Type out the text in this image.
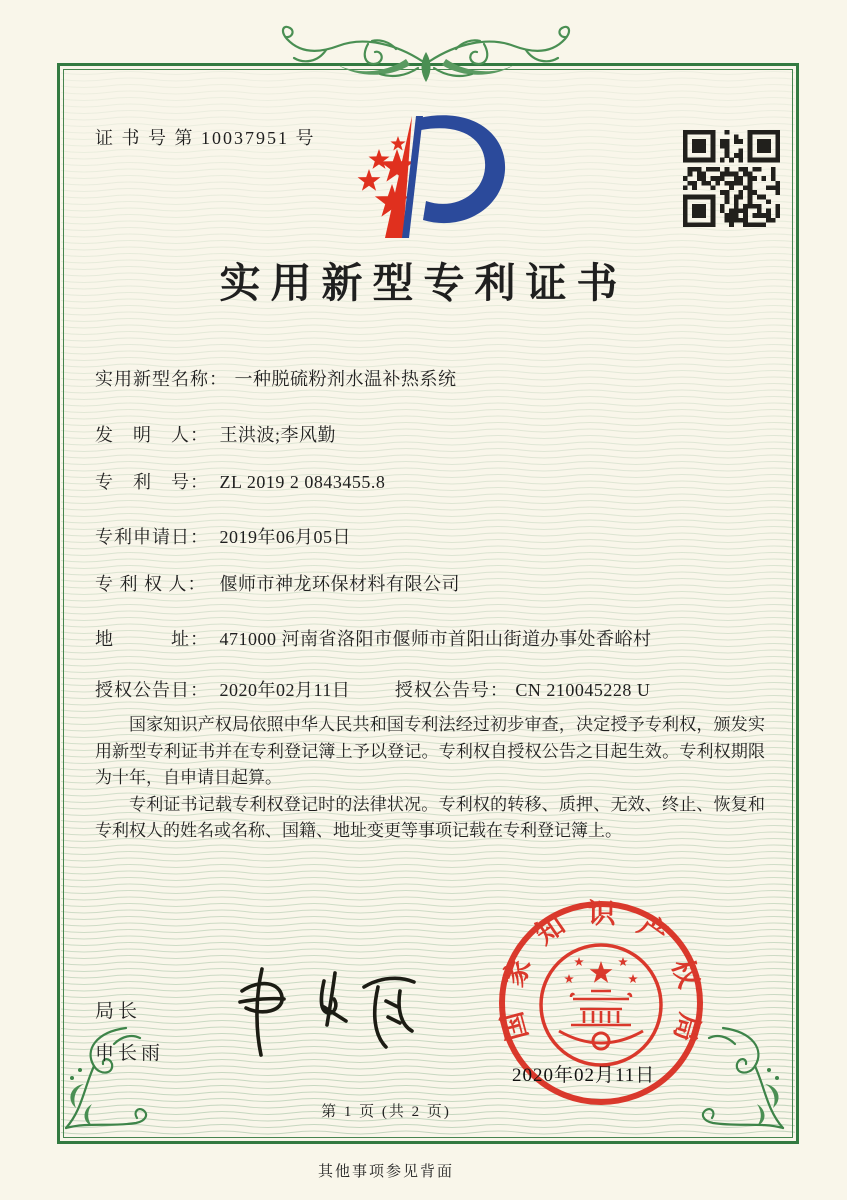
证 书 号 第 10037951 号
实用新型专利证书
实用新型名称： 一种脱硫粉剂水温补热系统
发　明　人： 王洪波;李风勤
专　利　号： ZL 2019 2 0843455.8
专利申请日： 2019年06月05日
专 利 权 人： 偃师市神龙环保材料有限公司
地　　　址： 471000 河南省洛阳市偃师市首阳山街道办事处香峪村
授权公告日： 2020年02月11日 授权公告号： CN 210045228 U

国家知识产权局依照中华人民共和国专利法经过初步审查，决定授予专利权，颁发实用新型专利证书并在专利登记簿上予以登记。专利权自授权公告之日起生效。专利权期限为十年，自申请日起算。

专利证书记载专利权登记时的法律状况。专利权的转移、质押、无效、终止、恢复和专利权人的姓名或名称、国籍、地址变更等事项记载在专利登记簿上。

局长
申长雨
国家知识产权局
2020年02月11日
第 1 页 (共 2 页)
其他事项参见背面
